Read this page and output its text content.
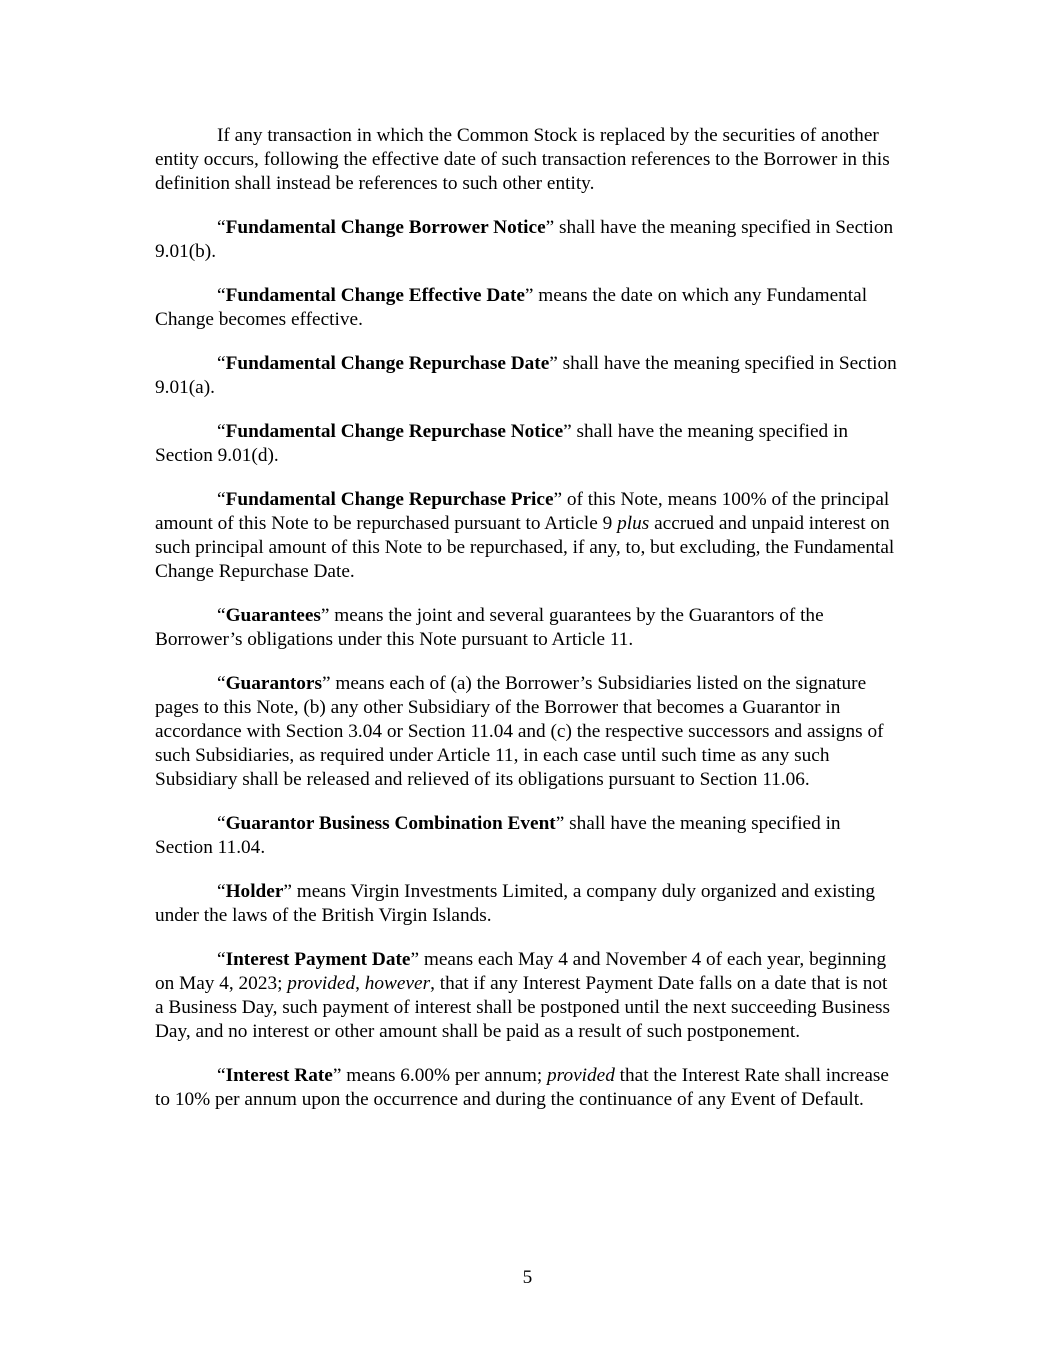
If any transaction in which the Common Stock is replaced by the securities of another entity occurs, following the effective date of such transaction references to the Borrower in this definition shall instead be references to such other entity.

“Fundamental Change Borrower Notice” shall have the meaning specified in Section 9.01(b).

“Fundamental Change Effective Date” means the date on which any Fundamental Change becomes effective.

“Fundamental Change Repurchase Date” shall have the meaning specified in Section 9.01(a).

“Fundamental Change Repurchase Notice” shall have the meaning specified in Section 9.01(d).

“Fundamental Change Repurchase Price” of this Note, means 100% of the principal amount of this Note to be repurchased pursuant to Article 9 plus accrued and unpaid interest on such principal amount of this Note to be repurchased, if any, to, but excluding, the Fundamental Change Repurchase Date.

“Guarantees” means the joint and several guarantees by the Guarantors of the Borrower’s obligations under this Note pursuant to Article 11.

“Guarantors” means each of (a) the Borrower’s Subsidiaries listed on the signature pages to this Note, (b) any other Subsidiary of the Borrower that becomes a Guarantor in accordance with Section 3.04 or Section 11.04 and (c) the respective successors and assigns of such Subsidiaries, as required under Article 11, in each case until such time as any such Subsidiary shall be released and relieved of its obligations pursuant to Section 11.06.

“Guarantor Business Combination Event” shall have the meaning specified in Section 11.04.

“Holder” means Virgin Investments Limited, a company duly organized and existing under the laws of the British Virgin Islands.

“Interest Payment Date” means each May 4 and November 4 of each year, beginning on May 4, 2023; provided, however, that if any Interest Payment Date falls on a date that is not a Business Day, such payment of interest shall be postponed until the next succeeding Business Day, and no interest or other amount shall be paid as a result of such postponement.

“Interest Rate” means 6.00% per annum; provided that the Interest Rate shall increase to 10% per annum upon the occurrence and during the continuance of any Event of Default.

5
